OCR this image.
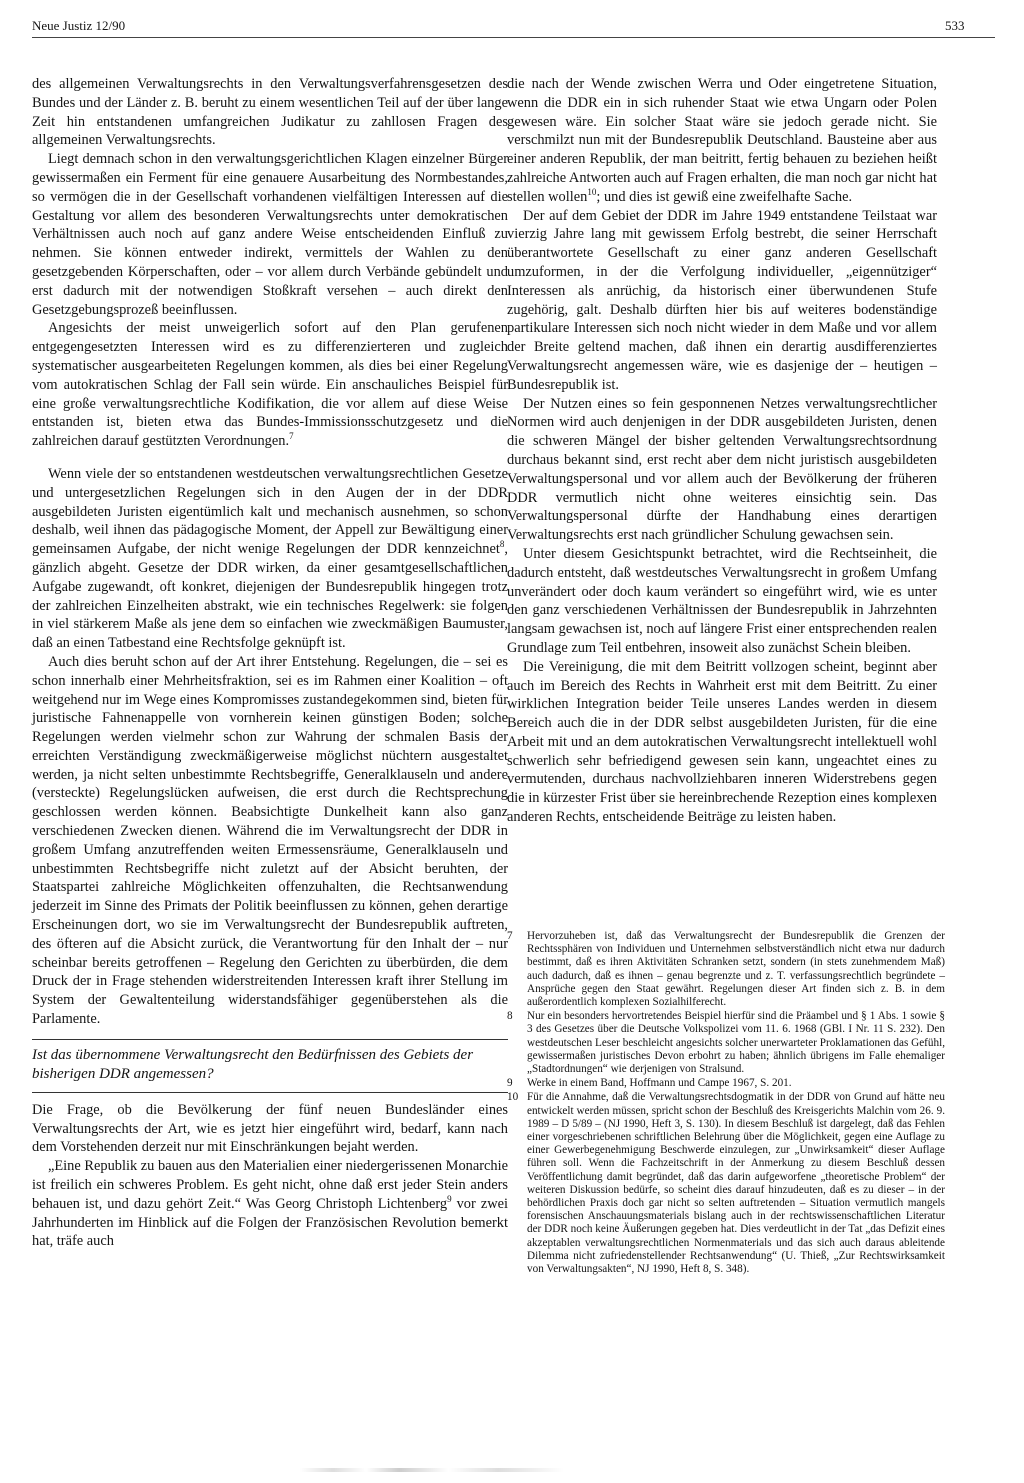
Neue Justiz 12/90	533

des allgemeinen Verwaltungsrechts in den Verwaltungsverfahrensgesetzen des Bundes und der Länder z. B. beruht zu einem wesentlichen Teil auf der über lange Zeit hin entstandenen umfangreichen Judikatur zu zahllosen Fragen des allgemeinen Verwaltungsrechts.

Liegt demnach schon in den verwaltungsgerichtlichen Klagen einzelner Bürger gewissermaßen ein Ferment für eine genauere Ausarbeitung des Normbestandes, so vermögen die in der Gesellschaft vorhandenen vielfältigen Interessen auf die Gestaltung vor allem des besonderen Verwaltungsrechts unter demokratischen Verhältnissen auch noch auf ganz andere Weise entscheidenden Einfluß zu nehmen. Sie können entweder indirekt, vermittels der Wahlen zu den gesetzgebenden Körperschaften, oder – vor allem durch Verbände gebündelt und erst dadurch mit der notwendigen Stoßkraft versehen – auch direkt den Gesetzgebungsprozeß beeinflussen.

Angesichts der meist unweigerlich sofort auf den Plan gerufenen entgegengesetzten Interessen wird es zu differenzierteren und zugleich systematischer ausgearbeiteten Regelungen kommen, als dies bei einer Regelung vom autokratischen Schlag der Fall sein würde. Ein anschauliches Beispiel für eine große verwaltungsrechtliche Kodifikation, die vor allem auf diese Weise entstanden ist, bieten etwa das Bundes-Immissionsschutzgesetz und die zahlreichen darauf gestützten Verordnungen.$^7$

Wenn viele der so entstandenen westdeutschen verwaltungsrechtlichen Gesetze und untergesetzlichen Regelungen sich in den Augen der in der DDR ausgebildeten Juristen eigentümlich kalt und mechanisch ausnehmen, so schon deshalb, weil ihnen das pädagogische Moment, der Appell zur Bewältigung einer gemeinsamen Aufgabe, der nicht wenige Regelungen der DDR kennzeichnet$^8$, gänzlich abgeht. Gesetze der DDR wirken, da einer gesamtgesellschaftlichen Aufgabe zugewandt, oft konkret, diejenigen der Bundesrepublik hingegen trotz der zahlreichen Einzelheiten abstrakt, wie ein technisches Regelwerk: sie folgen in viel stärkerem Maße als jene dem so einfachen wie zweckmäßigen Baumuster, daß an einen Tatbestand eine Rechtsfolge geknüpft ist.

Auch dies beruht schon auf der Art ihrer Entstehung. Regelungen, die – sei es schon innerhalb einer Mehrheitsfraktion, sei es im Rahmen einer Koalition – oft weitgehend nur im Wege eines Kompromisses zustandegekommen sind, bieten für juristische Fahnenappelle von vornherein keinen günstigen Boden; solche Regelungen werden vielmehr schon zur Wahrung der schmalen Basis der erreichten Verständigung zweckmäßigerweise möglichst nüchtern ausgestaltet werden, ja nicht selten unbestimmte Rechtsbegriffe, Generalklauseln und andere (versteckte) Regelungslücken aufweisen, die erst durch die Rechtsprechung geschlossen werden können. Beabsichtigte Dunkelheit kann also ganz verschiedenen Zwecken dienen. Während die im Verwaltungsrecht der DDR in großem Umfang anzutreffenden weiten Ermessensräume, Generalklauseln und unbestimmten Rechtsbegriffe nicht zuletzt auf der Absicht beruhten, der Staatspartei zahlreiche Möglichkeiten offenzuhalten, die Rechtsanwendung jederzeit im Sinne des Primats der Politik beeinflussen zu können, gehen derartige Erscheinungen dort, wo sie im Verwaltungsrecht der Bundesrepublik auftreten, des öfteren auf die Absicht zurück, die Verantwortung für den Inhalt der – nur scheinbar bereits getroffenen – Regelung den Gerichten zu überbürden, die dem Druck der in Frage stehenden widerstreitenden Interessen kraft ihrer Stellung im System der Gewaltenteilung widerstandsfähiger gegenüberstehen als die Parlamente.

Ist das übernommene Verwaltungsrecht den Bedürfnissen des Gebiets der bisherigen DDR angemessen?

Die Frage, ob die Bevölkerung der fünf neuen Bundesländer eines Verwaltungsrechts der Art, wie es jetzt hier eingeführt wird, bedarf, kann nach dem Vorstehenden derzeit nur mit Einschränkungen bejaht werden.

„Eine Republik zu bauen aus den Materialien einer niedergerissenen Monarchie ist freilich ein schweres Problem. Es geht nicht, ohne daß erst jeder Stein anders behauen ist, und dazu gehört Zeit.“ Was Georg Christoph Lichtenberg$^9$ vor zwei Jahrhunderten im Hinblick auf die Folgen der Französischen Revolution bemerkt hat, träfe auch

die nach der Wende zwischen Werra und Oder eingetretene Situation, wenn die DDR ein in sich ruhender Staat wie etwa Ungarn oder Polen gewesen wäre. Ein solcher Staat wäre sie jedoch gerade nicht. Sie verschmilzt nun mit der Bundesrepublik Deutschland. Bausteine aber aus einer anderen Republik, der man beitritt, fertig behauen zu beziehen heißt zahlreiche Antworten auch auf Fragen erhalten, die man noch gar nicht hat stellen wollen$^{10}$; und dies ist gewiß eine zweifelhafte Sache.

Der auf dem Gebiet der DDR im Jahre 1949 entstandene Teilstaat war vierzig Jahre lang mit gewissem Erfolg bestrebt, die seiner Herrschaft überantwortete Gesellschaft zu einer ganz anderen Gesellschaft umzuformen, in der die Verfolgung individueller, „eigennütziger“ Interessen als anrüchig, da historisch einer überwundenen Stufe zugehörig, galt. Deshalb dürften hier bis auf weiteres bodenständige partikulare Interessen sich noch nicht wieder in dem Maße und vor allem der Breite geltend machen, daß ihnen ein derartig ausdifferenziertes Verwaltungsrecht angemessen wäre, wie es dasjenige der – heutigen – Bundesrepublik ist.

Der Nutzen eines so fein gesponnenen Netzes verwaltungsrechtlicher Normen wird auch denjenigen in der DDR ausgebildeten Juristen, denen die schweren Mängel der bisher geltenden Verwaltungsrechtsordnung durchaus bekannt sind, erst recht aber dem nicht juristisch ausgebildeten Verwaltungspersonal und vor allem auch der Bevölkerung der früheren DDR vermutlich nicht ohne weiteres einsichtig sein. Das Verwaltungspersonal dürfte der Handhabung eines derartigen Verwaltungsrechts erst nach gründlicher Schulung gewachsen sein.

Unter diesem Gesichtspunkt betrachtet, wird die Rechtseinheit, die dadurch entsteht, daß westdeutsches Verwaltungsrecht in großem Umfang unverändert oder doch kaum verändert so eingeführt wird, wie es unter den ganz verschiedenen Verhältnissen der Bundesrepublik in Jahrzehnten langsam gewachsen ist, noch auf längere Frist einer entsprechenden realen Grundlage zum Teil entbehren, insoweit also zunächst Schein bleiben.

Die Vereinigung, die mit dem Beitritt vollzogen scheint, beginnt aber auch im Bereich des Rechts in Wahrheit erst mit dem Beitritt. Zu einer wirklichen Integration beider Teile unseres Landes werden in diesem Bereich auch die in der DDR selbst ausgebildeten Juristen, für die eine Arbeit mit und an dem autokratischen Verwaltungsrecht intellektuell wohl schwerlich sehr befriedigend gewesen sein kann, ungeachtet eines zu vermutenden, durchaus nachvollziehbaren inneren Widerstrebens gegen die in kürzester Frist über sie hereinbrechende Rezeption eines komplexen anderen Rechts, entscheidende Beiträge zu leisten haben.

7	Hervorzuheben ist, daß das Verwaltungsrecht der Bundesrepublik die Grenzen der Rechtssphären von Individuen und Unternehmen selbstverständlich nicht etwa nur dadurch bestimmt, daß es ihren Aktivitäten Schranken setzt, sondern (in stets zunehmendem Maß) auch dadurch, daß es ihnen – genau begrenzte und z. T. verfassungsrechtlich begründete – Ansprüche gegen den Staat gewährt. Regelungen dieser Art finden sich z. B. in dem außerordentlich komplexen Sozialhilferecht.
8	Nur ein besonders hervortretendes Beispiel hierfür sind die Präambel und § 1 Abs. 1 sowie § 3 des Gesetzes über die Deutsche Volkspolizei vom 11. 6. 1968 (GBl. I Nr. 11 S. 232). Den westdeutschen Leser beschleicht angesichts solcher unerwarteter Proklamationen das Gefühl, gewissermaßen juristisches Devon erbohrt zu haben; ähnlich übrigens im Falle ehemaliger „Stadtordnungen“ wie derjenigen von Stralsund.
9	Werke in einem Band, Hoffmann und Campe 1967, S. 201.
10 Für die Annahme, daß die Verwaltungsrechtsdogmatik in der DDR von Grund auf hätte neu entwickelt werden müssen, spricht schon der Beschluß des Kreisgerichts Malchin vom 26. 9. 1989 – D 5/89 – (NJ 1990, Heft 3, S. 130). In diesem Beschluß ist dargelegt, daß das Fehlen einer vorgeschriebenen schriftlichen Belehrung über die Möglichkeit, gegen eine Auflage zu einer Gewerbegenehmigung Beschwerde einzulegen, zur „Unwirksamkeit“ dieser Auflage führen soll. Wenn die Fachzeitschrift in der Anmerkung zu diesem Beschluß dessen Veröffentlichung damit begründet, daß das darin aufgeworfene „theoretische Problem“ der weiteren Diskussion bedürfe, so scheint dies darauf hinzudeuten, daß es zu dieser – in der behördlichen Praxis doch gar nicht so selten auftretenden – Situation vermutlich mangels forensischen Anschauungsmaterials bislang auch in der rechtswissenschaftlichen Literatur der DDR noch keine Äußerungen gegeben hat. Dies verdeutlicht in der Tat „das Defizit eines akzeptablen verwaltungsrechtlichen Normenmaterials und das sich auch daraus ableitende Dilemma nicht zufriedenstellender Rechtsanwendung“ (U. Thieß, „Zur Rechtswirksamkeit von Verwaltungsakten“, NJ 1990, Heft 8, S. 348).
